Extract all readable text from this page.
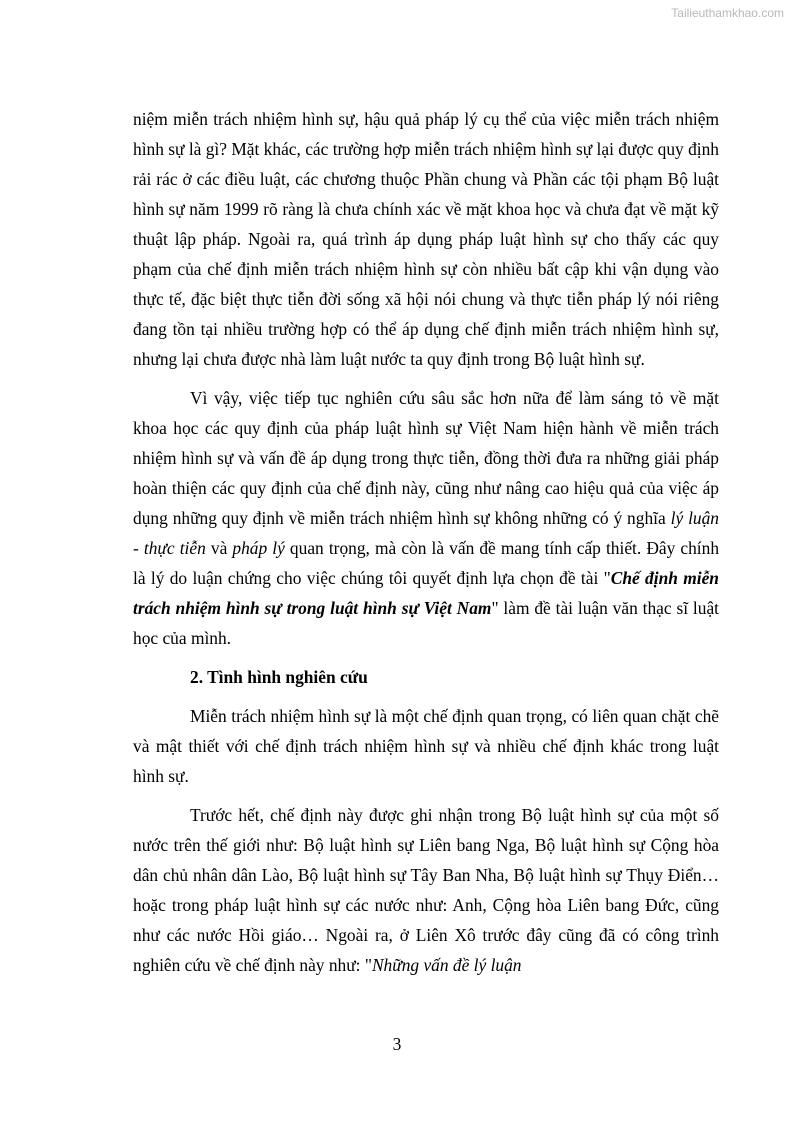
Tailieuthamkhao.com

niệm miễn trách nhiệm hình sự, hậu quả pháp lý cụ thể của việc miễn trách nhiệm hình sự là gì? Mặt khác, các trường hợp miễn trách nhiệm hình sự lại được quy định rải rác ở các điều luật, các chương thuộc Phần chung và Phần các tội phạm Bộ luật hình sự năm 1999 rõ ràng là chưa chính xác về mặt khoa học và chưa đạt về mặt kỹ thuật lập pháp. Ngoài ra, quá trình áp dụng pháp luật hình sự cho thấy các quy phạm của chế định miễn trách nhiệm hình sự còn nhiều bất cập khi vận dụng vào thực tế, đặc biệt thực tiễn đời sống xã hội nói chung và thực tiễn pháp lý nói riêng đang tồn tại nhiều trường hợp có thể áp dụng chế định miễn trách nhiệm hình sự, nhưng lại chưa được nhà làm luật nước ta quy định trong Bộ luật hình sự.

Vì vậy, việc tiếp tục nghiên cứu sâu sắc hơn nữa để làm sáng tỏ về mặt khoa học các quy định của pháp luật hình sự Việt Nam hiện hành về miễn trách nhiệm hình sự và vấn đề áp dụng trong thực tiễn, đồng thời đưa ra những giải pháp hoàn thiện các quy định của chế định này, cũng như nâng cao hiệu quả của việc áp dụng những quy định về miễn trách nhiệm hình sự không những có ý nghĩa lý luận - thực tiễn và pháp lý quan trọng, mà còn là vấn đề mang tính cấp thiết. Đây chính là lý do luận chứng cho việc chúng tôi quyết định lựa chọn đề tài "Chế định miễn trách nhiệm hình sự trong luật hình sự Việt Nam" làm đề tài luận văn thạc sĩ luật học của mình.

2. Tình hình nghiên cứu

Miễn trách nhiệm hình sự là một chế định quan trọng, có liên quan chặt chẽ và mật thiết với chế định trách nhiệm hình sự và nhiều chế định khác trong luật hình sự.

Trước hết, chế định này được ghi nhận trong Bộ luật hình sự của một số nước trên thế giới như: Bộ luật hình sự Liên bang Nga, Bộ luật hình sự Cộng hòa dân chủ nhân dân Lào, Bộ luật hình sự Tây Ban Nha, Bộ luật hình sự Thụy Điển… hoặc trong pháp luật hình sự các nước như: Anh, Cộng hòa Liên bang Đức, cũng như các nước Hồi giáo… Ngoài ra, ở Liên Xô trước đây cũng đã có công trình nghiên cứu về chế định này như: "Những vấn đề lý luận

3
